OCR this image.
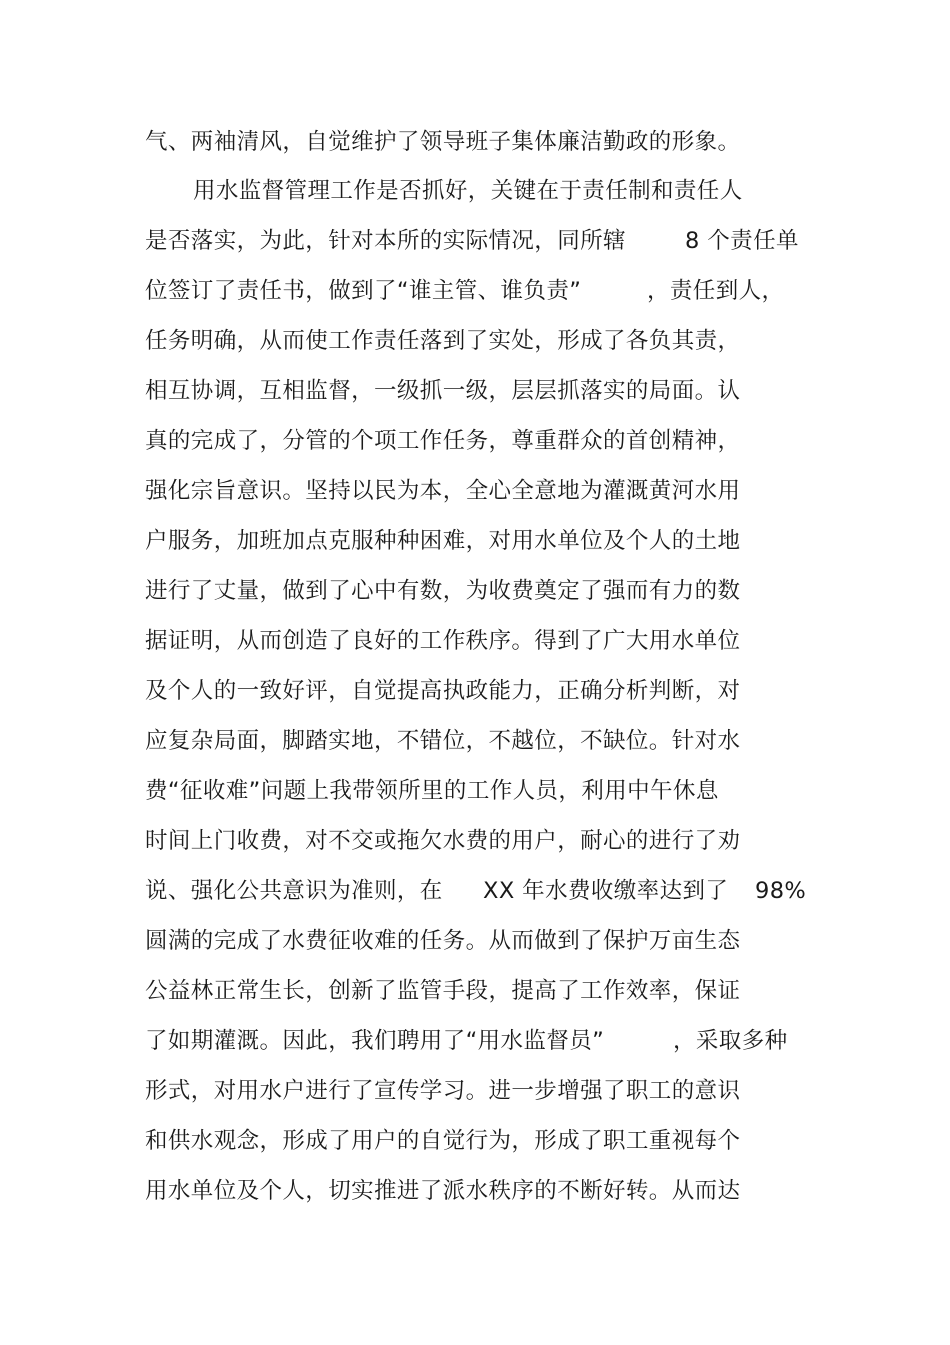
气、两袖清风，自觉维护了领导班子集体廉洁勤政的形象。
用水监督管理工作是否抓好，关键在于责任制和责任人

是否落实，为此，针对本所的实际情况，同所辖

	8 个责任单

位签订了责任书，做到了“谁主管、谁负责”

	，责任到人，

任务明确，从而使工作责任落到了实处，形成了各负其责，
相互协调，互相监督，一级抓一级，层层抓落实的局面。认
真的完成了，分管的个项工作任务，尊重群众的首创精神，
强化宗旨意识。坚持以民为本，全心全意地为灌溉黄河水用
户服务，加班加点克服种种困难，对用水单位及个人的土地
进行了丈量，做到了心中有数，为收费奠定了强而有力的数
据证明，从而创造了良好的工作秩序。得到了广大用水单位
及个人的一致好评，自觉提高执政能力，正确分析判断，对
应复杂局面，脚踏实地，不错位，不越位，不缺位。针对水
费“征收难”问题上我带领所里的工作人员，利用中午休息
时间上门收费，对不交或拖欠水费的用户，耐心的进行了劝

说、强化公共意识为准则，在

XX 年水费收缴率达到了

98%

圆满的完成了水费征收难的任务。从而做到了保护万亩生态
公益林正常生长，创新了监管手段，提高了工作效率，保证

了如期灌溉。因此，我们聘用了“用水监督员”

	，采取多种

形式，对用水户进行了宣传学习。进一步增强了职工的意识
和供水观念，形成了用户的自觉行为，形成了职工重视每个
用水单位及个人，切实推进了派水秩序的不断好转。从而达
